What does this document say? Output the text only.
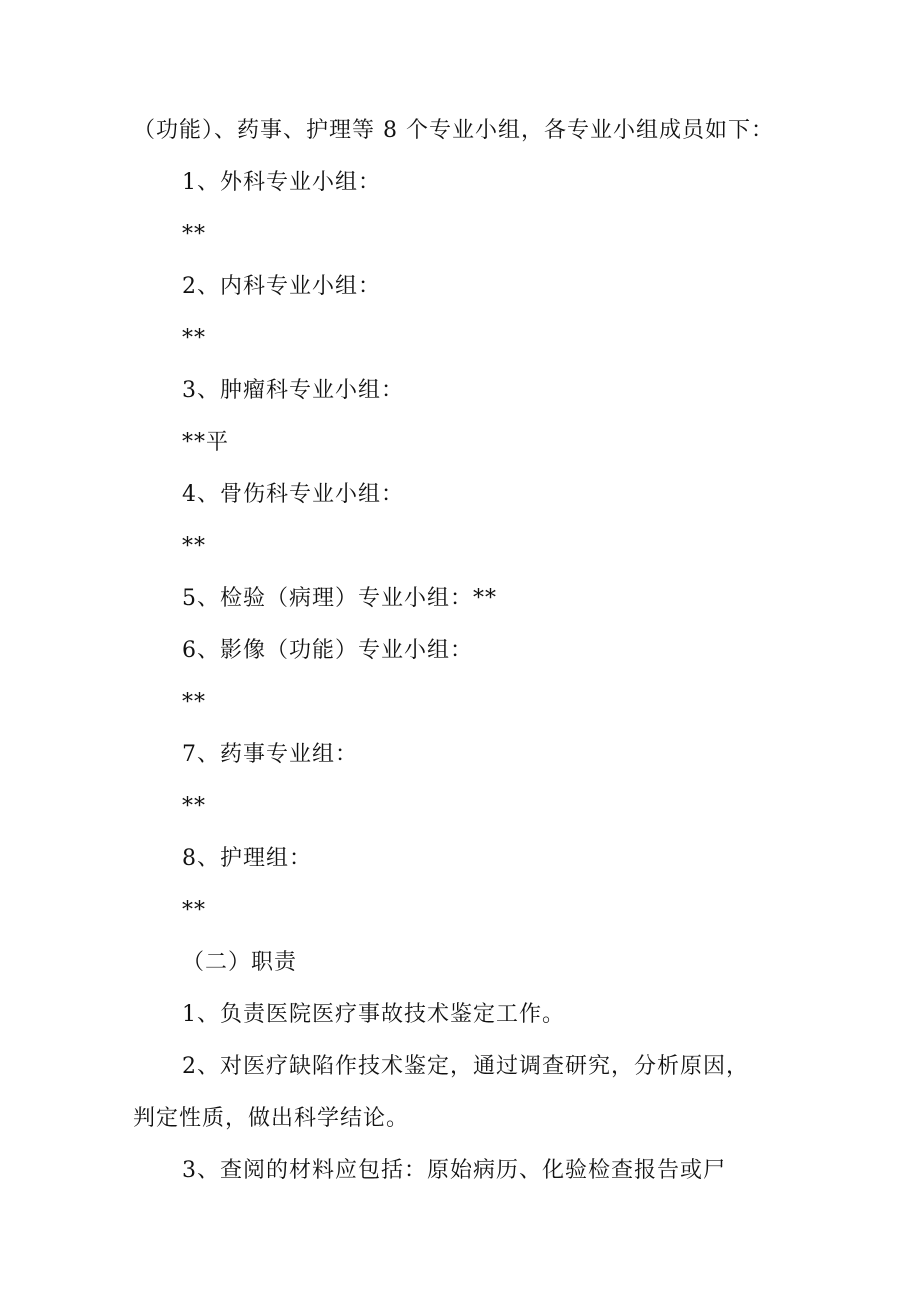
（功能）、药事、护理等 8 个专业小组，各专业小组成员如下：
1、外科专业小组：
**
2、内科专业小组：
**
3、肿瘤科专业小组：
**平
4、骨伤科专业小组：
**
5、检验（病理）专业小组：**
6、影像（功能）专业小组：
**
7、药事专业组：
**
8、护理组：
**
（二）职责
1、负责医院医疗事故技术鉴定工作。
2、对医疗缺陷作技术鉴定，通过调查研究，分析原因，
判定性质，做出科学结论。
3、查阅的材料应包括：原始病历、化验检查报告或尸
